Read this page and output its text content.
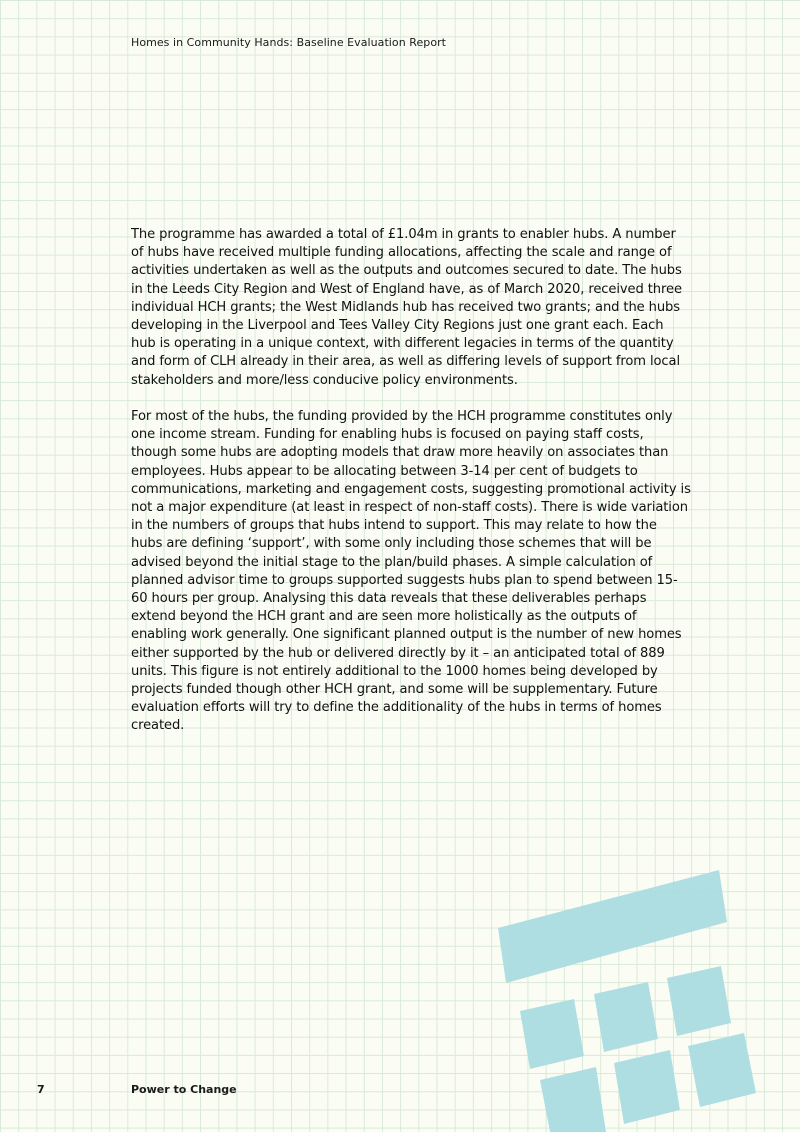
Homes in Community Hands: Baseline Evaluation Report

The programme has awarded a total of £1.04m in grants to enabler hubs. A number of hubs have received multiple funding allocations, affecting the scale and range of activities undertaken as well as the outputs and outcomes secured to date. The hubs in the Leeds City Region and West of England have, as of March 2020, received three individual HCH grants; the West Midlands hub has received two grants; and the hubs developing in the Liverpool and Tees Valley City Regions just one grant each. Each hub is operating in a unique context, with different legacies in terms of the quantity and form of CLH already in their area, as well as differing levels of support from local stakeholders and more/less conducive policy environments.

For most of the hubs, the funding provided by the HCH programme constitutes only one income stream. Funding for enabling hubs is focused on paying staff costs, though some hubs are adopting models that draw more heavily on associates than employees. Hubs appear to be allocating between 3-14 per cent of budgets to communications, marketing and engagement costs, suggesting promotional activity is not a major expenditure (at least in respect of non-staff costs). There is wide variation in the numbers of groups that hubs intend to support. This may relate to how the hubs are defining ‘support’, with some only including those schemes that will be advised beyond the initial stage to the plan/build phases. A simple calculation of planned advisor time to groups supported suggests hubs plan to spend between 15-60 hours per group. Analysing this data reveals that these deliverables perhaps extend beyond the HCH grant and are seen more holistically as the outputs of enabling work generally. One significant planned output is the number of new homes either supported by the hub or delivered directly by it – an anticipated total of 889 units. This figure is not entirely additional to the 1000 homes being developed by projects funded though other HCH grant, and some will be supplementary. Future evaluation efforts will try to define the additionality of the hubs in terms of homes created.

7	Power to Change
